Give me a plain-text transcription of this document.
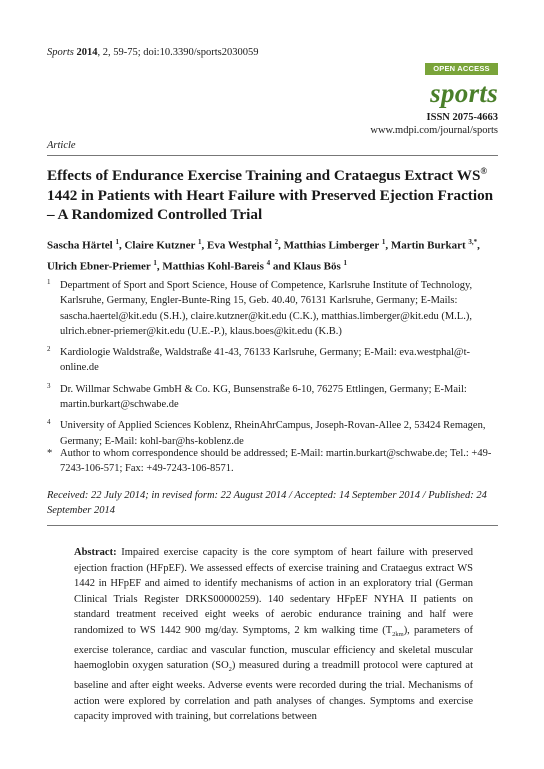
Sports 2014, 2, 59-75; doi:10.3390/sports2030059
OPEN ACCESS
sports
ISSN 2075-4663
www.mdpi.com/journal/sports
Article
Effects of Endurance Exercise Training and Crataegus Extract WS® 1442 in Patients with Heart Failure with Preserved Ejection Fraction – A Randomized Controlled Trial
Sascha Härtel $^1$, Claire Kutzner $^1$, Eva Westphal $^2$, Matthias Limberger $^1$, Martin Burkart $^{3,*}$, Ulrich Ebner-Priemer $^1$, Matthias Kohl-Bareis $^4$ and Klaus Bös $^1$
1 Department of Sport and Sport Science, House of Competence, Karlsruhe Institute of Technology, Karlsruhe, Germany, Engler-Bunte-Ring 15, Geb. 40.40, 76131 Karlsruhe, Germany; E-Mails: sascha.haertel@kit.edu (S.H.), claire.kutzner@kit.edu (C.K.), matthias.limberger@kit.edu (M.L.), ulrich.ebner-priemer@kit.edu (U.E.-P.), klaus.boes@kit.edu (K.B.)
2 Kardiologie Waldstraße, Waldstraße 41-43, 76133 Karlsruhe, Germany; E-Mail: eva.westphal@t-online.de
3 Dr. Willmar Schwabe GmbH & Co. KG, Bunsenstraße 6-10, 76275 Ettlingen, Germany; E-Mail: martin.burkart@schwabe.de
4 University of Applied Sciences Koblenz, RheinAhrCampus, Joseph-Rovan-Allee 2, 53424 Remagen, Germany; E-Mail: kohl-bar@hs-koblenz.de
* Author to whom correspondence should be addressed; E-Mail: martin.burkart@schwabe.de; Tel.: +49-7243-106-571; Fax: +49-7243-106-8571.
Received: 22 July 2014; in revised form: 22 August 2014 / Accepted: 14 September 2014 / Published: 24 September 2014
Abstract: Impaired exercise capacity is the core symptom of heart failure with preserved ejection fraction (HFpEF). We assessed effects of exercise training and Crataegus extract WS 1442 in HFpEF and aimed to identify mechanisms of action in an exploratory trial (German Clinical Trials Register DRKS00000259). 140 sedentary HFpEF NYHA II patients on standard treatment received eight weeks of aerobic endurance training and half were randomized to WS 1442 900 mg/day. Symptoms, 2 km walking time $(T_{2km})$, parameters of exercise tolerance, cardiac and vascular function, muscular efficiency and skeletal muscular haemoglobin oxygen saturation $(SO_2)$ measured during a treadmill protocol were captured at baseline and after eight weeks. Adverse events were recorded during the trial. Mechanisms of action were explored by correlation and path analyses of changes. Symptoms and exercise capacity improved with training, but correlations between
